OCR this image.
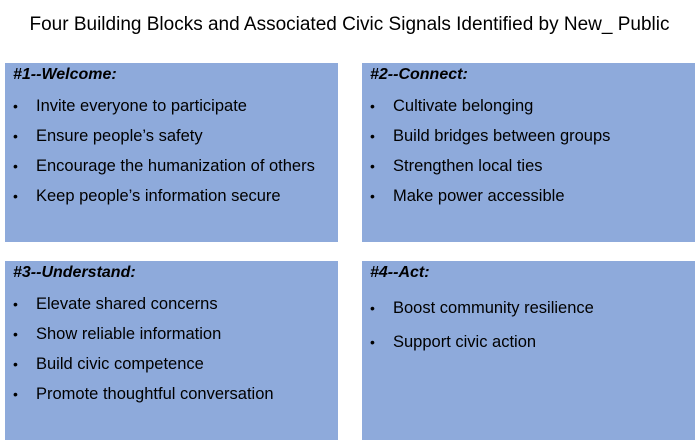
Four Building Blocks and Associated Civic Signals Identified by New_ Public
#1--Welcome:
• Invite everyone to participate
• Ensure people’s safety
• Encourage the humanization of others
• Keep people’s information secure
#2--Connect:
• Cultivate belonging
• Build bridges between groups
• Strengthen local ties
• Make power accessible
#3--Understand:
• Elevate shared concerns
• Show reliable information
• Build civic competence
• Promote thoughtful conversation
#4--Act:
• Boost community resilience
• Support civic action
